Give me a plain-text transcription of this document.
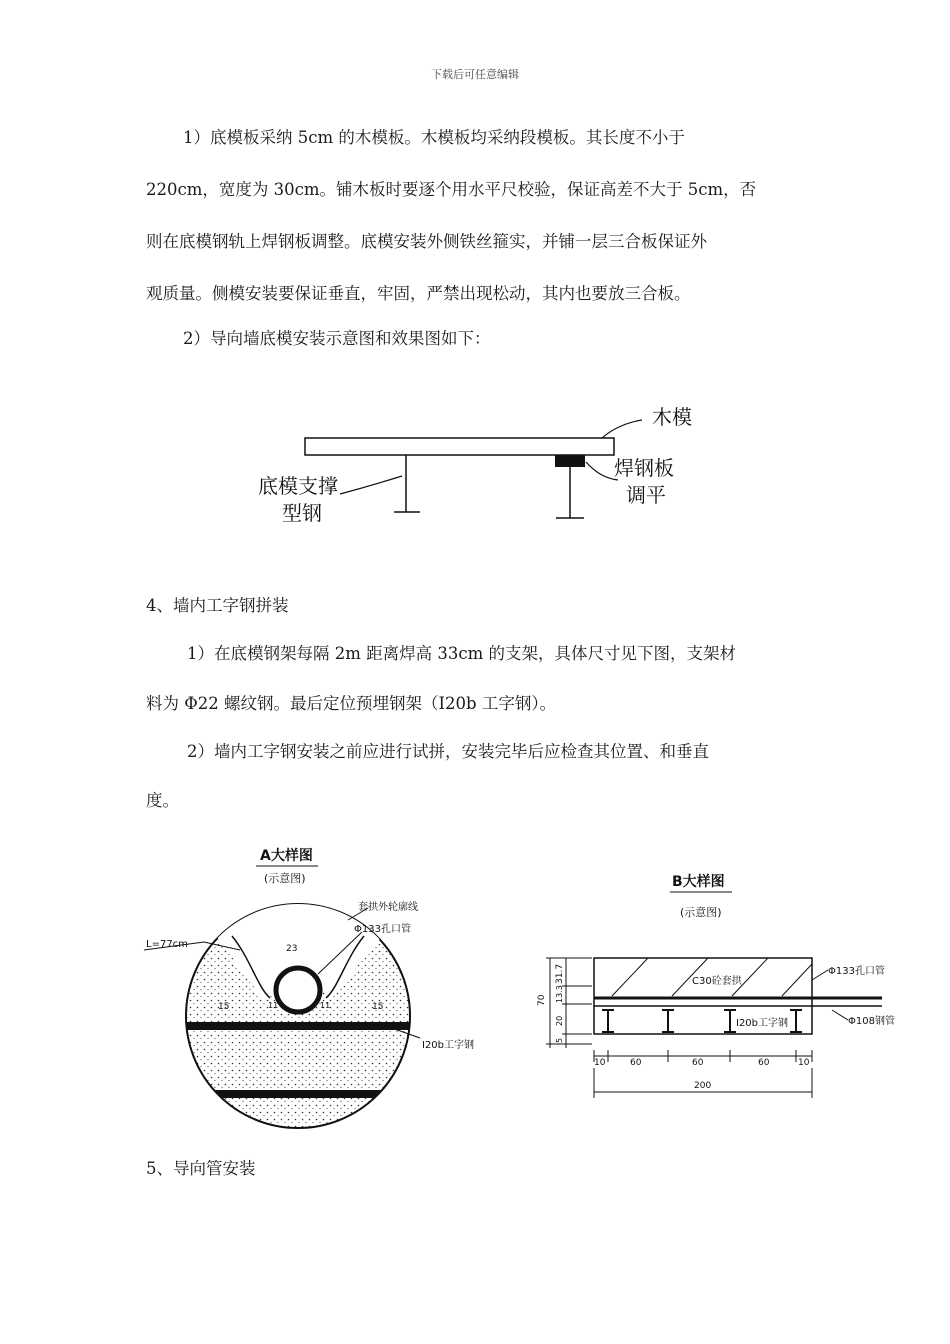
下载后可任意编辑
1）底模板采纳 5cm 的木模板。木模板均采纳段模板。其长度不小于
220cm，宽度为 30cm。铺木板时要逐个用水平尺校验，保证高差不大于 5cm，否
则在底模钢轨上焊钢板调整。底模安装外侧铁丝箍实，并铺一层三合板保证外
观质量。侧模安装要保证垂直，牢固，严禁出现松动，其内也要放三合板。
2）导向墙底模安装示意图和效果图如下：
木模
焊钢板
调平
底模支撑
型钢
4、墙内工字钢拼装
1）在底模钢架每隔 2m 距离焊高 33cm 的支架，具体尺寸见下图，支架材
料为 Φ22 螺纹钢。最后定位预埋钢架（I20b 工字钢）。
2）墙内工字钢安装之前应进行试拼，安装完毕后应检查其位置、和垂直
度。
A大样图
(示意图)
23
15	15
11	11
套拱外轮廓线
Φ133孔口管
L=77cm
I20b工字钢
B大样图
(示意图)
C30砼套拱
I20b工字钢
Φ133孔口管
Φ108钢管
70
31.7
13.3
20
5
10	60	60	60	10
200
5、导向管安装
